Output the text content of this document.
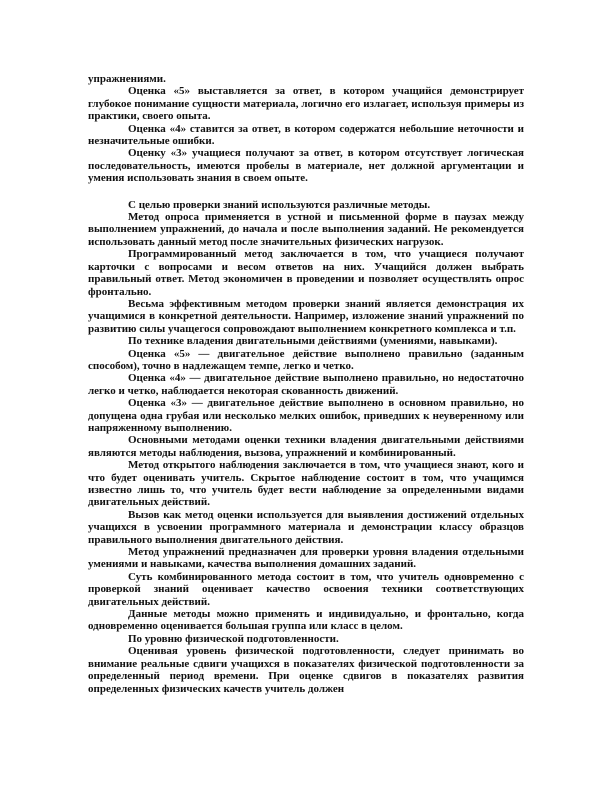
упражнениями.

Оценка «5» выставляется за ответ, в котором учащийся демонстрирует глубокое понимание сущности материала, логично его излагает, используя примеры из практики, своего опыта.

Оценка «4» ставится за ответ, в котором содержатся небольшие неточности и незначительные ошибки.

Оценку «3» учащиеся получают за ответ, в котором отсутствует логическая последовательность, имеются пробелы в материале, нет должной аргументации и умения использовать знания в своем опыте.

С целью проверки знаний используются различные методы.

Метод опроса применяется в устной и письменной форме в паузах между выполнением упражнений, до начала и после выполнения заданий. Не рекомендуется использовать данный метод после значительных физических нагрузок.

Программированный метод заключается в том, что учащиеся получают карточки с вопросами и весом ответов на них. Учащийся должен выбрать правильный ответ. Метод экономичен в проведении и позволяет осуществлять опрос фронтально.

Весьма эффективным методом проверки знаний является демонстрация их учащимися в конкретной деятельности. Например, изложение знаний упражнений по развитию силы учащегося сопровождают выполнением конкретного комплекса и т.п.

По технике владения двигательными действиями (умениями, навыками).

Оценка «5» — двигательное действие выполнено правильно (заданным способом), точно в надлежащем темпе, легко и четко.

Оценка «4» — двигательное действие выполнено правильно, но недостаточно легко и четко, наблюдается некоторая скованность движений.

Оценка «3» — двигательное действие выполнено в основном правильно, но допущена одна грубая или несколько мелких ошибок, приведших к неуверенному или напряженному выполнению.

Основными методами оценки техники владения двигательными действиями являются методы наблюдения, вызова, упражнений и комбинированный.

Метод открытого наблюдения заключается в том, что учащиеся знают, кого и что будет оценивать учитель. Скрытое наблюдение состоит в том, что учащимся известно лишь то, что учитель будет вести наблюдение за определенными видами двигательных действий.

Вызов как метод оценки используется для выявления достижений отдельных учащихся в усвоении программного материала и демонстрации классу образцов правильного выполнения двигательного действия.

Метод упражнений предназначен для проверки уровня владения отдельными умениями и навыками, качества выполнения домашних заданий.

Суть комбинированного метода состоит в том, что учитель одновременно с проверкой знаний оценивает качество освоения техники соответствующих двигательных действий.

Данные методы можно применять и индивидуально, и фронтально, когда одновременно оценивается большая группа или класс в целом.

По уровню физической подготовленности.

Оценивая уровень физической подготовленности, следует принимать во внимание реальные сдвиги учащихся в показателях физической подготовленности за определенный период времени. При оценке сдвигов в показателях развития определенных физических качеств учитель должен
